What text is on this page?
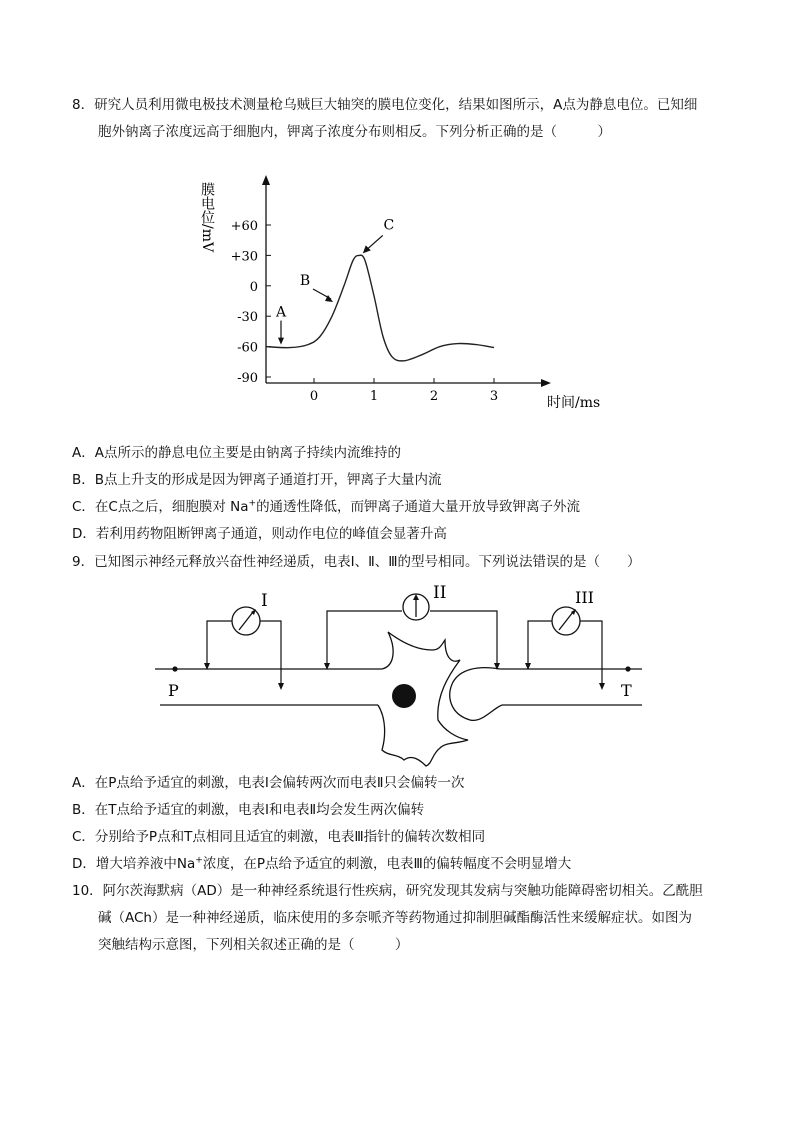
8．研究人员利用微电极技术测量枪乌贼巨大轴突的膜电位变化，结果如图所示，A点为静息电位。已知细
胞外钠离子浓度远高于细胞内，钾离子浓度分布则相反。下列分析正确的是（　　　）
膜电位/mV
时间/ms
+60
+30
0
-30
-60
-90
0	1	2	3
A
B
C
A．A点所示的静息电位主要是由钠离子持续内流维持的
B．B点上升支的形成是因为钾离子通道打开，钾离子大量内流
C．在C点之后，细胞膜对 Na+的通透性降低，而钾离子通道大量开放导致钾离子外流
D．若利用药物阻断钾离子通道，则动作电位的峰值会显著升高
9．已知图示神经元释放兴奋性神经递质，电表Ⅰ、Ⅱ、Ⅲ的型号相同。下列说法错误的是（　　）
P	T
I	II	III
A．在P点给予适宜的刺激，电表Ⅰ会偏转两次而电表Ⅱ只会偏转一次
B．在T点给予适宜的刺激，电表Ⅰ和电表Ⅱ均会发生两次偏转
C．分别给予P点和T点相同且适宜的刺激，电表Ⅲ指针的偏转次数相同
D．增大培养液中Na+浓度，在P点给予适宜的刺激，电表Ⅲ的偏转幅度不会明显增大
10．阿尔茨海默病（AD）是一种神经系统退行性疾病，研究发现其发病与突触功能障碍密切相关。乙酰胆
碱（ACh）是一种神经递质，临床使用的多奈哌齐等药物通过抑制胆碱酯酶活性来缓解症状。如图为
突触结构示意图，下列相关叙述正确的是（　　　）
